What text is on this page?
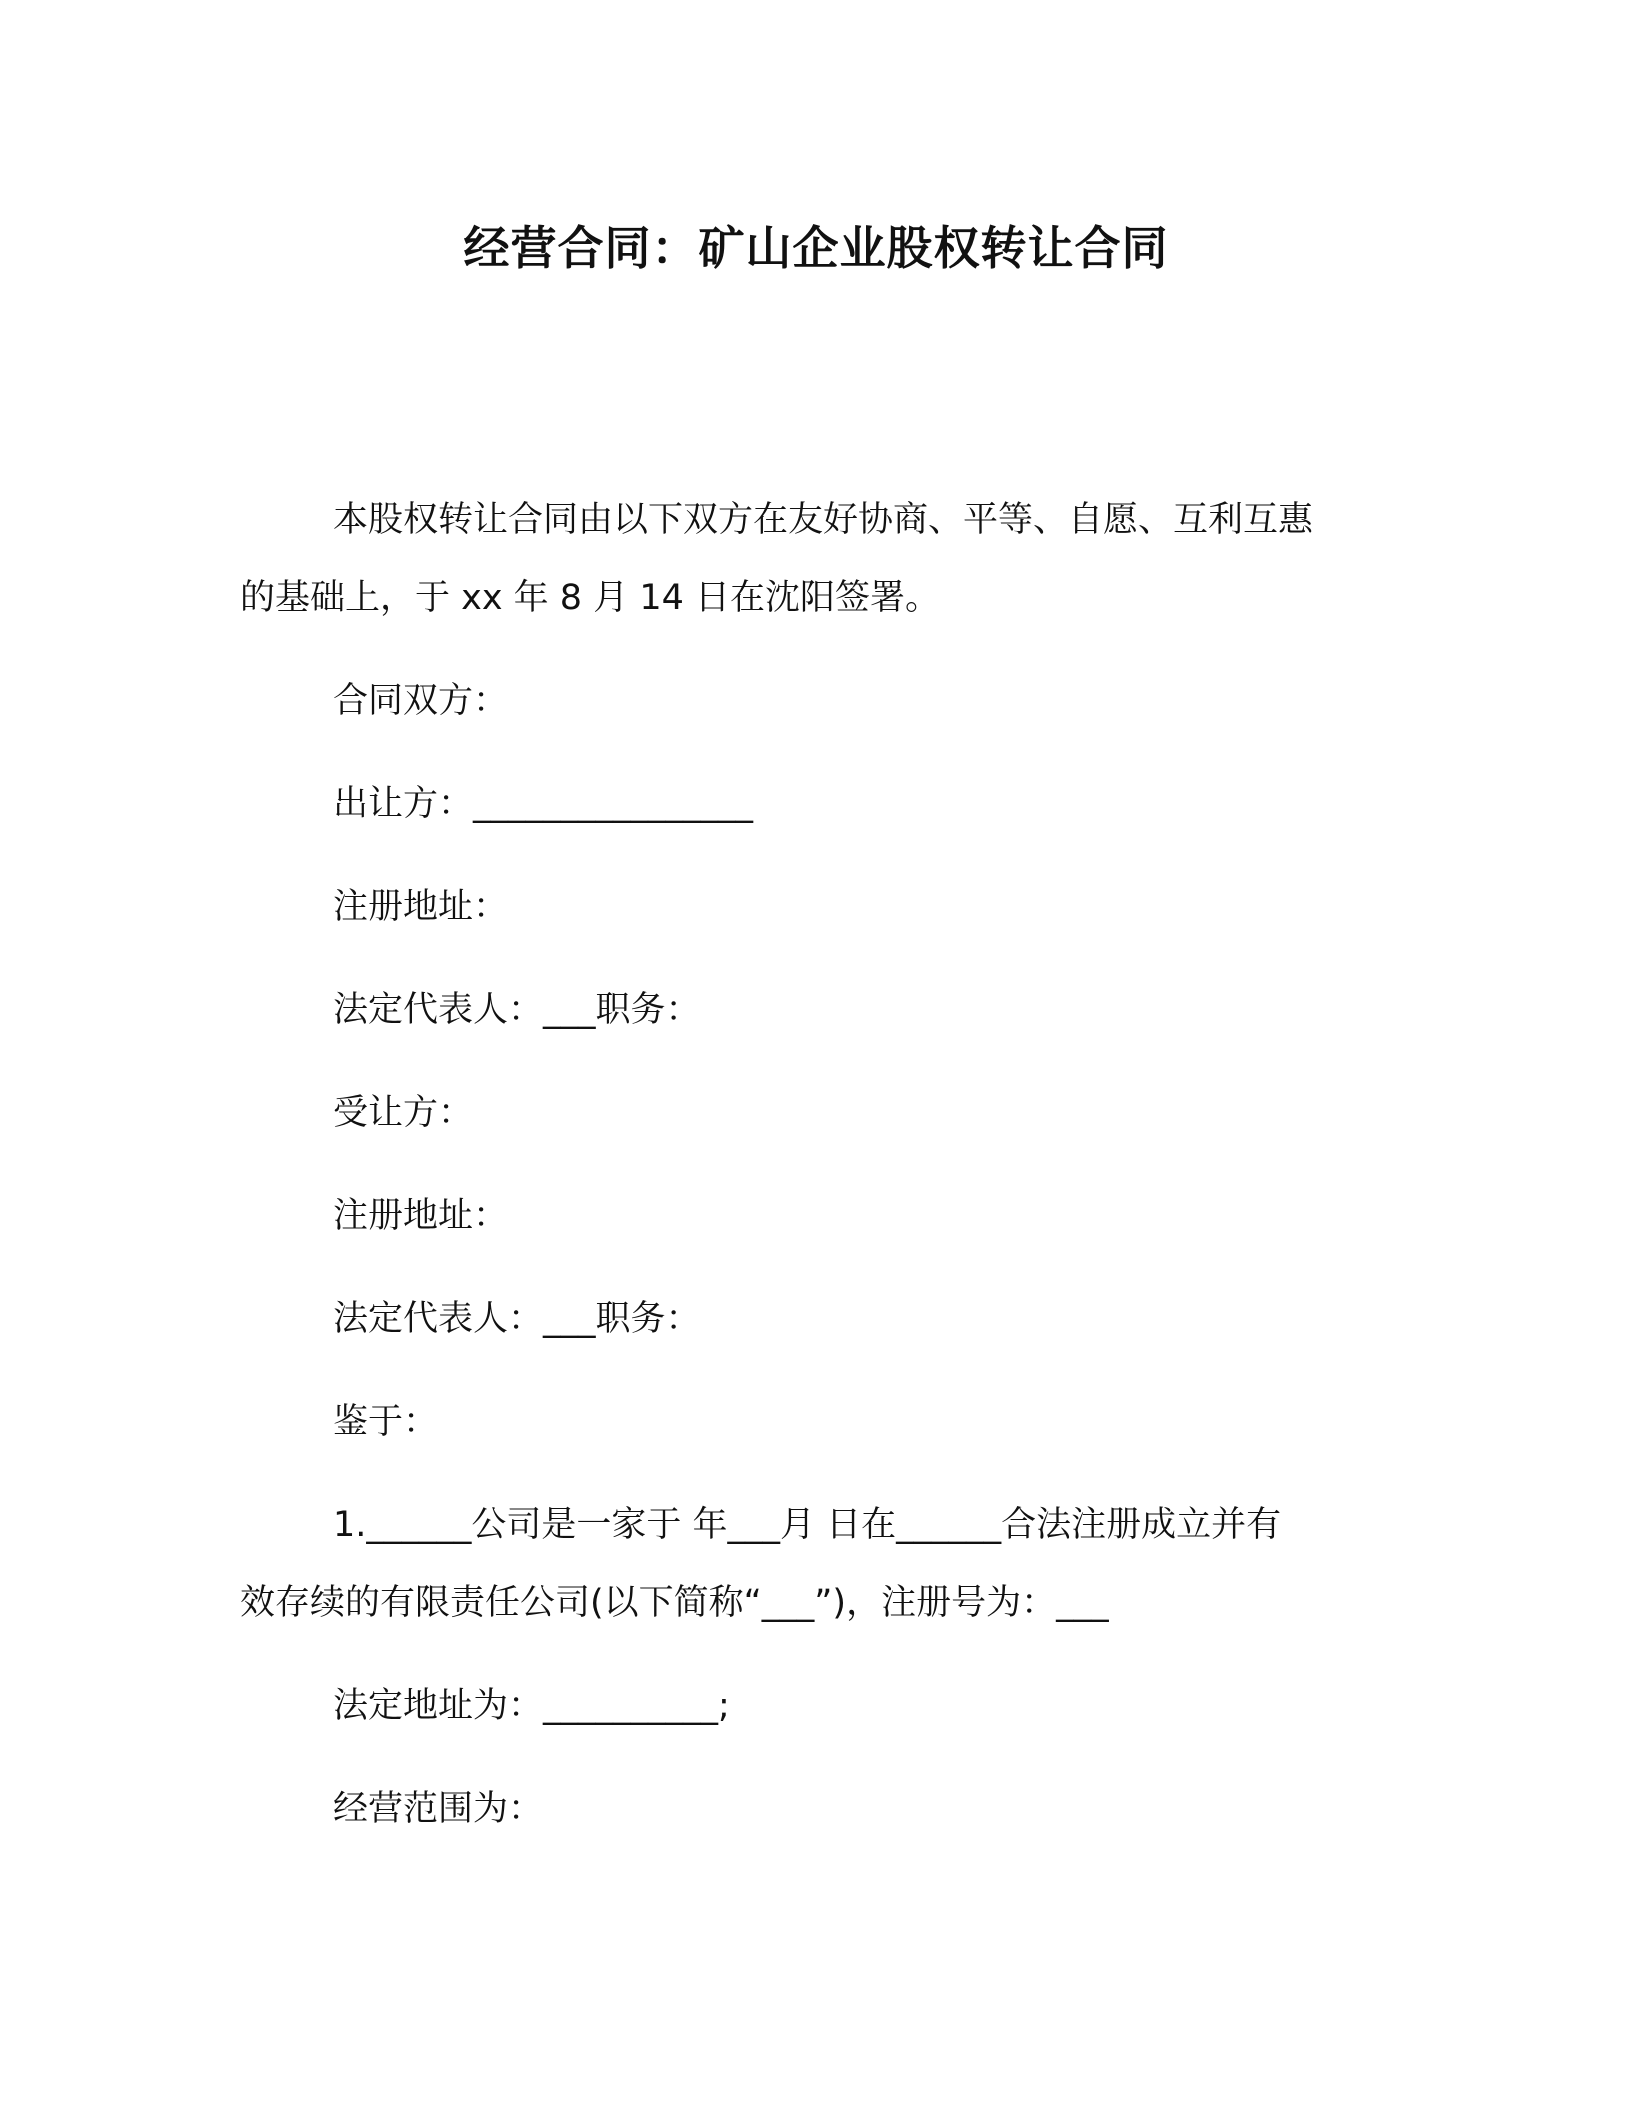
经营合同：矿山企业股权转让合同
本股权转让合同由以下双方在友好协商、平等、自愿、互利互惠
的基础上，于 xx 年 8 月 14 日在沈阳签署。
合同双方：
出让方：________________
注册地址：
法定代表人：___职务：
受让方：
注册地址：
法定代表人：___职务：
鉴于：
1.______公司是一家于 年___月 日在______合法注册成立并有
效存续的有限责任公司(以下简称“___”)，注册号为：___
法定地址为：__________;
经营范围为：
